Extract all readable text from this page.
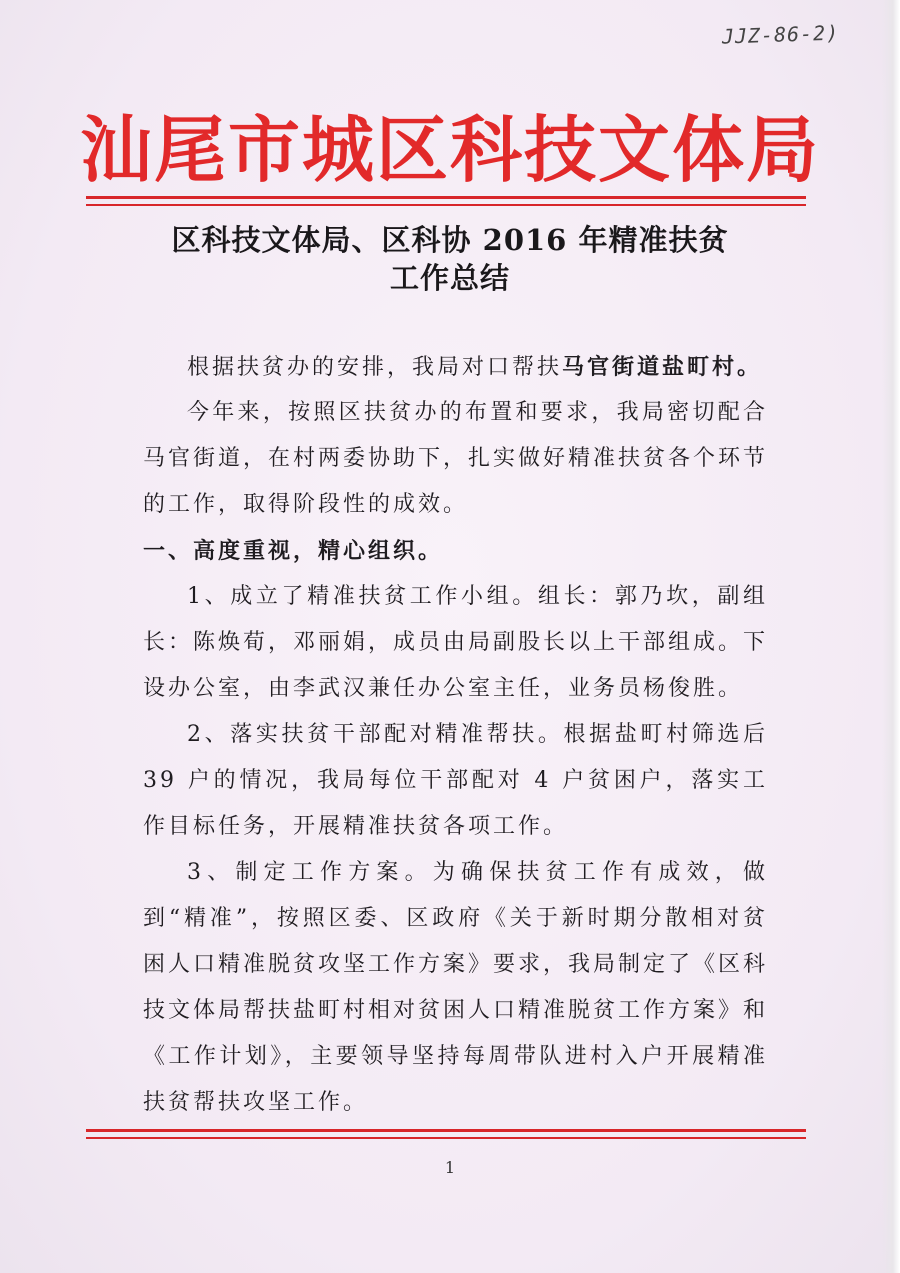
JJZ-86-2)
汕尾市城区科技文体局
区科技文体局、区科协 2016 年精准扶贫
工作总结
根据扶贫办的安排，我局对口帮扶马官街道盐町村。
今年来，按照区扶贫办的布置和要求，我局密切配合马官街道，在村两委协助下，扎实做好精准扶贫各个环节的工作，取得阶段性的成效。
一、高度重视，精心组织。
1、成立了精准扶贫工作小组。组长：郭乃坎，副组长：陈焕荀，邓丽娟，成员由局副股长以上干部组成。下设办公室，由李武汉兼任办公室主任，业务员杨俊胜。
2、落实扶贫干部配对精准帮扶。根据盐町村筛选后 39 户的情况，我局每位干部配对 4 户贫困户，落实工作目标任务，开展精准扶贫各项工作。
3、制定工作方案。为确保扶贫工作有成效，做到“精准”，按照区委、区政府《关于新时期分散相对贫困人口精准脱贫攻坚工作方案》要求，我局制定了《区科技文体局帮扶盐町村相对贫困人口精准脱贫工作方案》和《工作计划》，主要领导坚持每周带队进村入户开展精准扶贫帮扶攻坚工作。
1
